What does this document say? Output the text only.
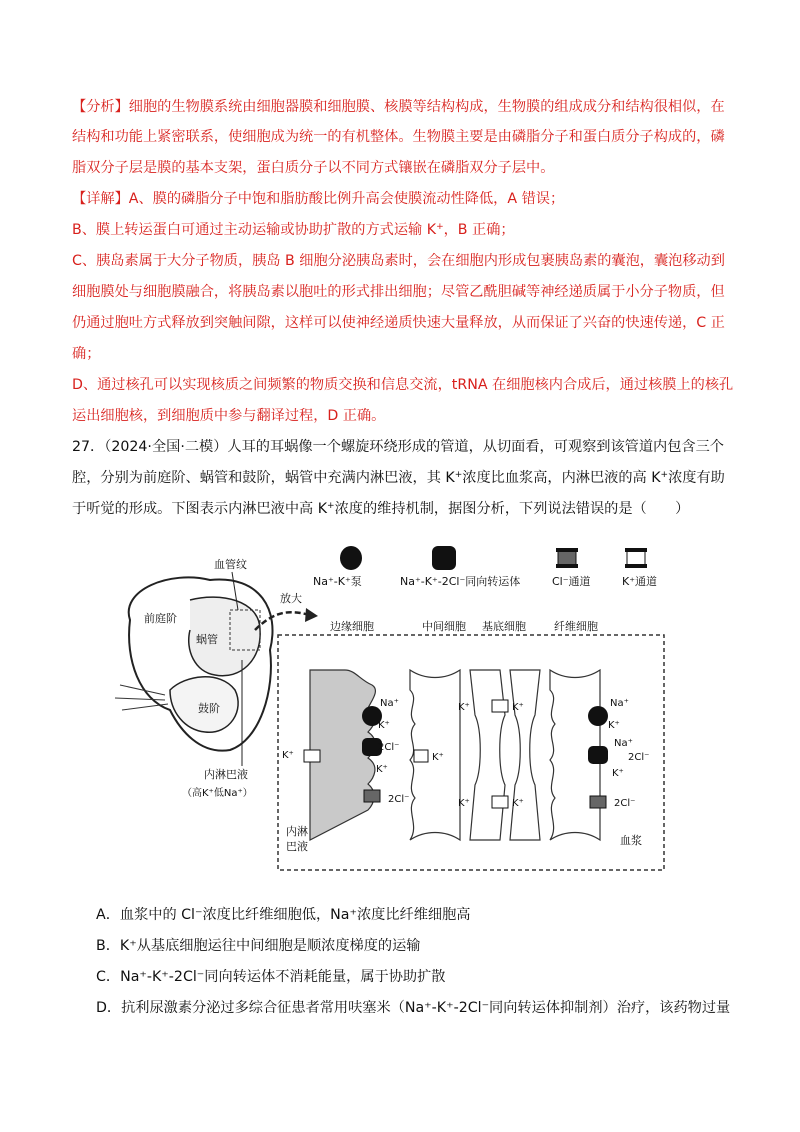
【分析】细胞的生物膜系统由细胞器膜和细胞膜、核膜等结构构成，生物膜的组成成分和结构很相似，在
结构和功能上紧密联系，使细胞成为统一的有机整体。生物膜主要是由磷脂分子和蛋白质分子构成的，磷
脂双分子层是膜的基本支架，蛋白质分子以不同方式镶嵌在磷脂双分子层中。
【详解】A、膜的磷脂分子中饱和脂肪酸比例升高会使膜流动性降低，A 错误；
B、膜上转运蛋白可通过主动运输或协助扩散的方式运输 K+，B 正确；
C、胰岛素属于大分子物质，胰岛 B 细胞分泌胰岛素时，会在细胞内形成包裹胰岛素的囊泡，囊泡移动到
细胞膜处与细胞膜融合，将胰岛素以胞吐的形式排出细胞；尽管乙酰胆碱等神经递质属于小分子物质，但
仍通过胞吐方式释放到突触间隙，这样可以使神经递质快速大量释放，从而保证了兴奋的快速传递，C 正
确；
D、通过核孔可以实现核质之间频繁的物质交换和信息交流，tRNA 在细胞核内合成后，通过核膜上的核孔
运出细胞核，到细胞质中参与翻译过程，D 正确。
27．（2024·全国·二模）人耳的耳蜗像一个螺旋环绕形成的管道，从切面看，可观察到该管道内包含三个
腔，分别为前庭阶、蜗管和鼓阶，蜗管中充满内淋巴液，其 K+浓度比血浆高，内淋巴液的高 K+浓度有助
于听觉的形成。下图表示内淋巴液中高 K+浓度的维持机制，据图分析，下列说法错误的是（　　）
Na⁺-K⁺泵	Na⁺-K⁺-2Cl⁻同向转运体	Cl⁻通道	K⁺通道
血管纹
前庭阶
蜗管
鼓阶
内淋巴液
（高K⁺低Na⁺）
放大
边缘细胞	中间细胞 基底细胞	纤维细胞
内淋
巴液
Na⁺
K⁺
2Cl⁻
K⁺
2Cl⁻
K⁺	K⁺
K⁺	K⁺
K⁺	K⁺
Na⁺
K⁺
Na⁺
2Cl⁻
K⁺
2Cl⁻
血浆
A．血浆中的 Cl⁻浓度比纤维细胞低，Na⁺浓度比纤维细胞高
B．K⁺从基底细胞运往中间细胞是顺浓度梯度的运输
C．Na⁺-K⁺-2Cl⁻同向转运体不消耗能量，属于协助扩散
D．抗利尿激素分泌过多综合征患者常用呋塞米（Na⁺-K⁺-2Cl⁻同向转运体抑制剂）治疗，该药物过量
